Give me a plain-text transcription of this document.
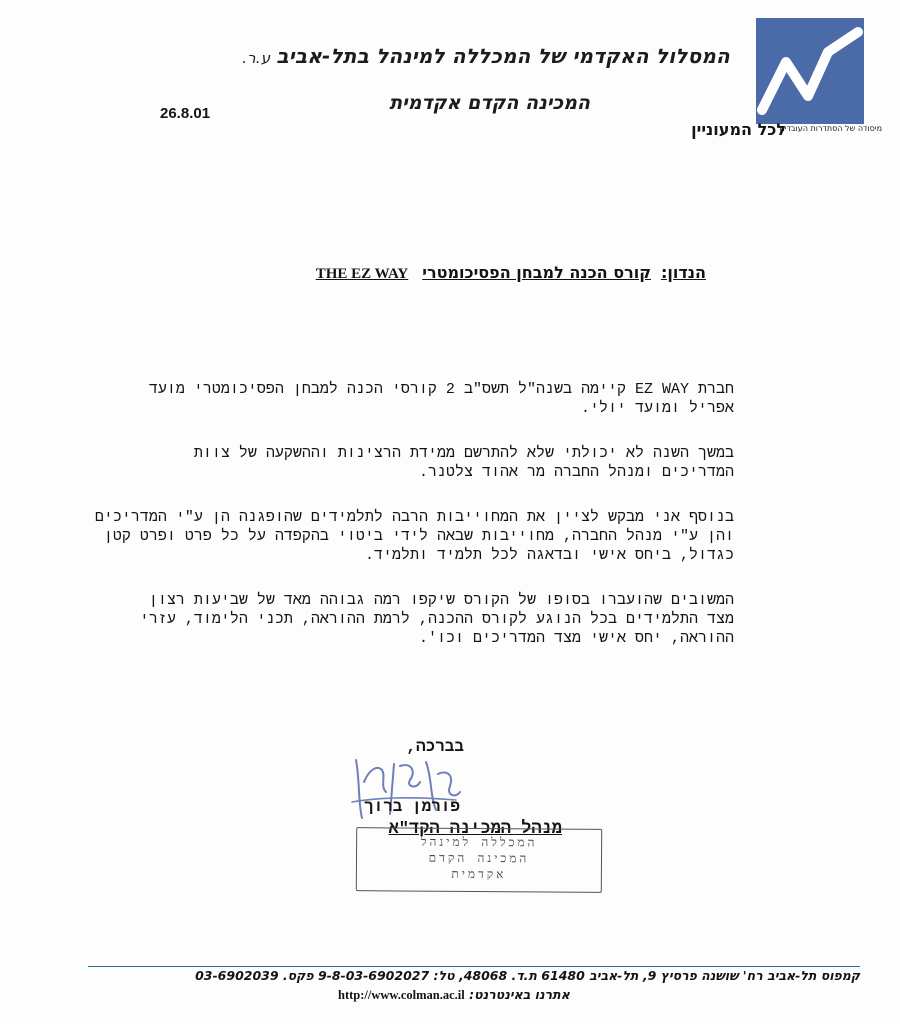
מיסודה של הסתדרות העובדים
המסלול האקדמי של המכללה למינהל בתל-אביבע.ר.
המכינה הקדם אקדמית
26.8.01
לכל המעוניין
הנדון:קורס הכנה למבחן הפסיכומטריTHE EZ WAY

חברת EZ WAY קיימה בשנה"ל תשס"ב 2 קורסי הכנה למבחן הפסיכומטרי מועד
אפריל ומועד יולי.

במשך השנה לא יכולתי שלא להתרשם ממידת הרצינות וההשקעה של צוות
המדריכים ומנהל החברה מר אהוד צלטנר.

בנוסף אני מבקש לציין את המחוייבות הרבה לתלמידים שהופגנה הן ע"י המדריכים
והן ע"י מנהל החברה, מחוייבות שבאה לידי ביטוי בהקפדה על כל פרט ופרט קטן
כגדול, ביחס אישי ובדאגה לכל תלמיד ותלמיד.

המשובים שהועברו בסופו של הקורס שיקפו רמה גבוהה מאד של שביעות רצון
מצד התלמידים בכל הנוגע לקורס ההכנה, לרמת ההוראה, תכני הלימוד, עזרי
ההוראה, יחס אישי מצד המדריכים וכו'.

בברכה,
פורמן ברוך
מנהל המכינה הקד"א
המכללה למינהל
המכינה הקדם
אקדמית
קמפוס תל-אביב רח' שושנה פרסיץ 9, תל-אביב 61480 ת.ד. 48068, טל: 9-8-03-6902027 פקס. 03-6902039
אתרנו באינטרנט: http://www.colman.ac.il
